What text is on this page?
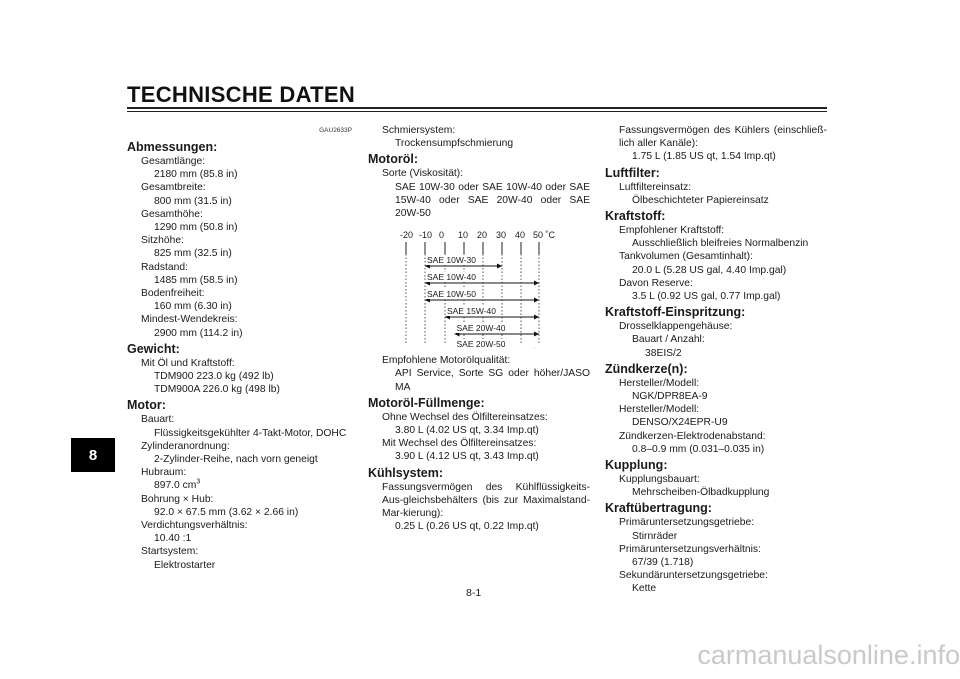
TECHNISCHE DATEN
8
GAU2633P
Abmessungen:
Gesamtlänge:
2180 mm (85.8 in)
Gesamtbreite:
800 mm (31.5 in)
Gesamthöhe:
1290 mm (50.8 in)
Sitzhöhe:
825 mm (32.5 in)
Radstand:
1485 mm (58.5 in)
Bodenfreiheit:
160 mm (6.30 in)
Mindest-Wendekreis:
2900 mm (114.2 in)
Gewicht:
Mit Öl und Kraftstoff:
TDM900 223.0 kg (492 lb)
TDM900A 226.0 kg (498 lb)
Motor:
Bauart:
Flüssigkeitsgekühlter 4-Takt-Motor, DOHC
Zylinderanordnung:
2-Zylinder-Reihe, nach vorn geneigt
Hubraum:
897.0 $cm^3$
Bohrung × Hub:
92.0 × 67.5 mm (3.62 × 2.66 in)
Verdichtungsverhältnis:
10.40 :1
Startsystem:
Elektrostarter
Schmiersystem:
Trockensumpfschmierung
Motoröl:
Sorte (Viskosität):
SAE 10W-30 oder SAE 10W-40 oder SAE 15W-40 oder SAE 20W-40 oder SAE 20W-50
-20 -10 0 10 20 30 40 50 ˚C
SAE 10W-30
SAE 10W-40
SAE 10W-50
SAE 15W-40
SAE 20W-40
SAE 20W-50
Empfohlene Motorölqualität:
API Service, Sorte SG oder höher/JASO MA
Motoröl-Füllmenge:
Ohne Wechsel des Ölfiltereinsatzes:
3.80 L (4.02 US qt, 3.34 Imp.qt)
Mit Wechsel des Ölfiltereinsatzes:
3.90 L (4.12 US qt, 3.43 Imp.qt)
Kühlsystem:
Fassungsvermögen des Kühlflüssigkeits-Aus-gleichsbehälters (bis zur Maximalstand-Mar-kierung):
0.25 L (0.26 US qt, 0.22 Imp.qt)
Fassungsvermögen des Kühlers (einschließ-lich aller Kanäle):
1.75 L (1.85 US qt, 1.54 Imp.qt)
Luftfilter:
Luftfiltereinsatz:
Ölbeschichteter Papiereinsatz
Kraftstoff:
Empfohlener Kraftstoff:
Ausschließlich bleifreies Normalbenzin
Tankvolumen (Gesamtinhalt):
20.0 L (5.28 US gal, 4.40 Imp.gal)
Davon Reserve:
3.5 L (0.92 US gal, 0.77 Imp.gal)
Kraftstoff-Einspritzung:
Drosselklappengehäuse:
Bauart / Anzahl:
38EIS/2
Zündkerze(n):
Hersteller/Modell:
NGK/DPR8EA-9
Hersteller/Modell:
DENSO/X24EPR-U9
Zündkerzen-Elektrodenabstand:
0.8–0.9 mm (0.031–0.035 in)
Kupplung:
Kupplungsbauart:
Mehrscheiben-Ölbadkupplung
Kraftübertragung:
Primäruntersetzungsgetriebe:
Stirnräder
Primäruntersetzungsverhältnis:
67/39 (1.718)
Sekundäruntersetzungsgetriebe:
Kette
8-1
carmanualsonline.info
